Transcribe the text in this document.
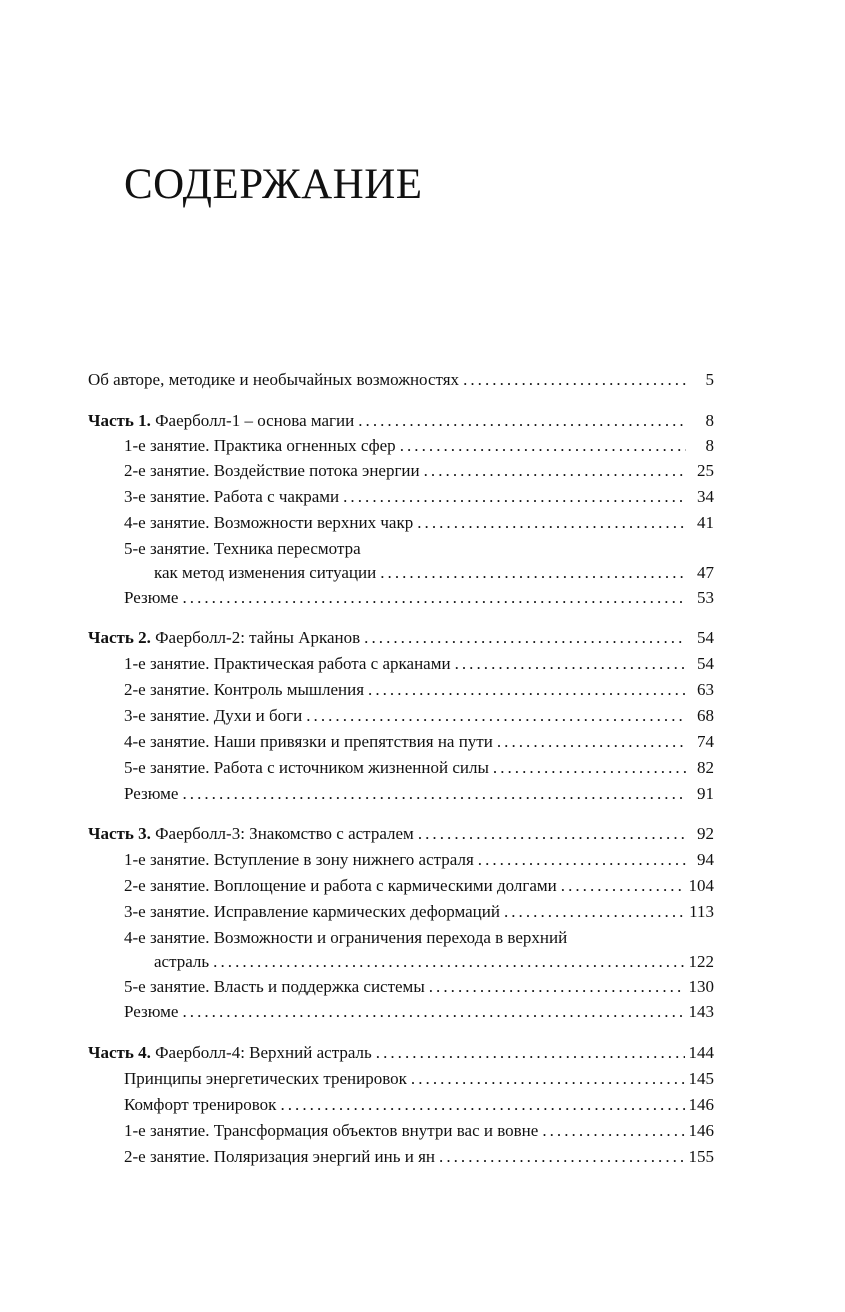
СОДЕРЖАНИЕ
Об авторе, методике и необычайных возможностях . . .	5
Часть 1. Фаерболл-1 – основа магии . . .	8
1-е занятие. Практика огненных сфер . . .	8
2-е занятие. Воздействие потока энергии . . .	25
3-е занятие. Работа с чакрами . . .	34
4-е занятие. Возможности верхних чакр . . .	41
5-е занятие. Техника пересмотра
как метод изменения ситуации . . .	47
Резюме . . .	53
Часть 2. Фаерболл-2: тайны Арканов . . .	54
1-е занятие. Практическая работа с арканами . . .	54
2-е занятие. Контроль мышления . . .	63
3-е занятие. Духи и боги . . .	68
4-е занятие. Наши привязки и препятствия на пути . . .	74
5-е занятие. Работа с источником жизненной силы . . .	82
Резюме . . .	91
Часть 3. Фаерболл-3: Знакомство с астралем . . .	92
1-е занятие. Вступление в зону нижнего астраля . . .	94
2-е занятие. Воплощение и работа с кармическими долгами . . .	104
3-е занятие. Исправление кармических деформаций . . .	113
4-е занятие. Возможности и ограничения перехода в верхний
астраль . . .	122
5-е занятие. Власть и поддержка системы . . .	130
Резюме . . .	143
Часть 4. Фаерболл-4: Верхний астраль . . .	144
Принципы энергетических тренировок . . .	145
Комфорт тренировок . . .	146
1-е занятие. Трансформация объектов внутри вас и вовне . . .	146
2-е занятие. Поляризация энергий инь и ян . . .	155
